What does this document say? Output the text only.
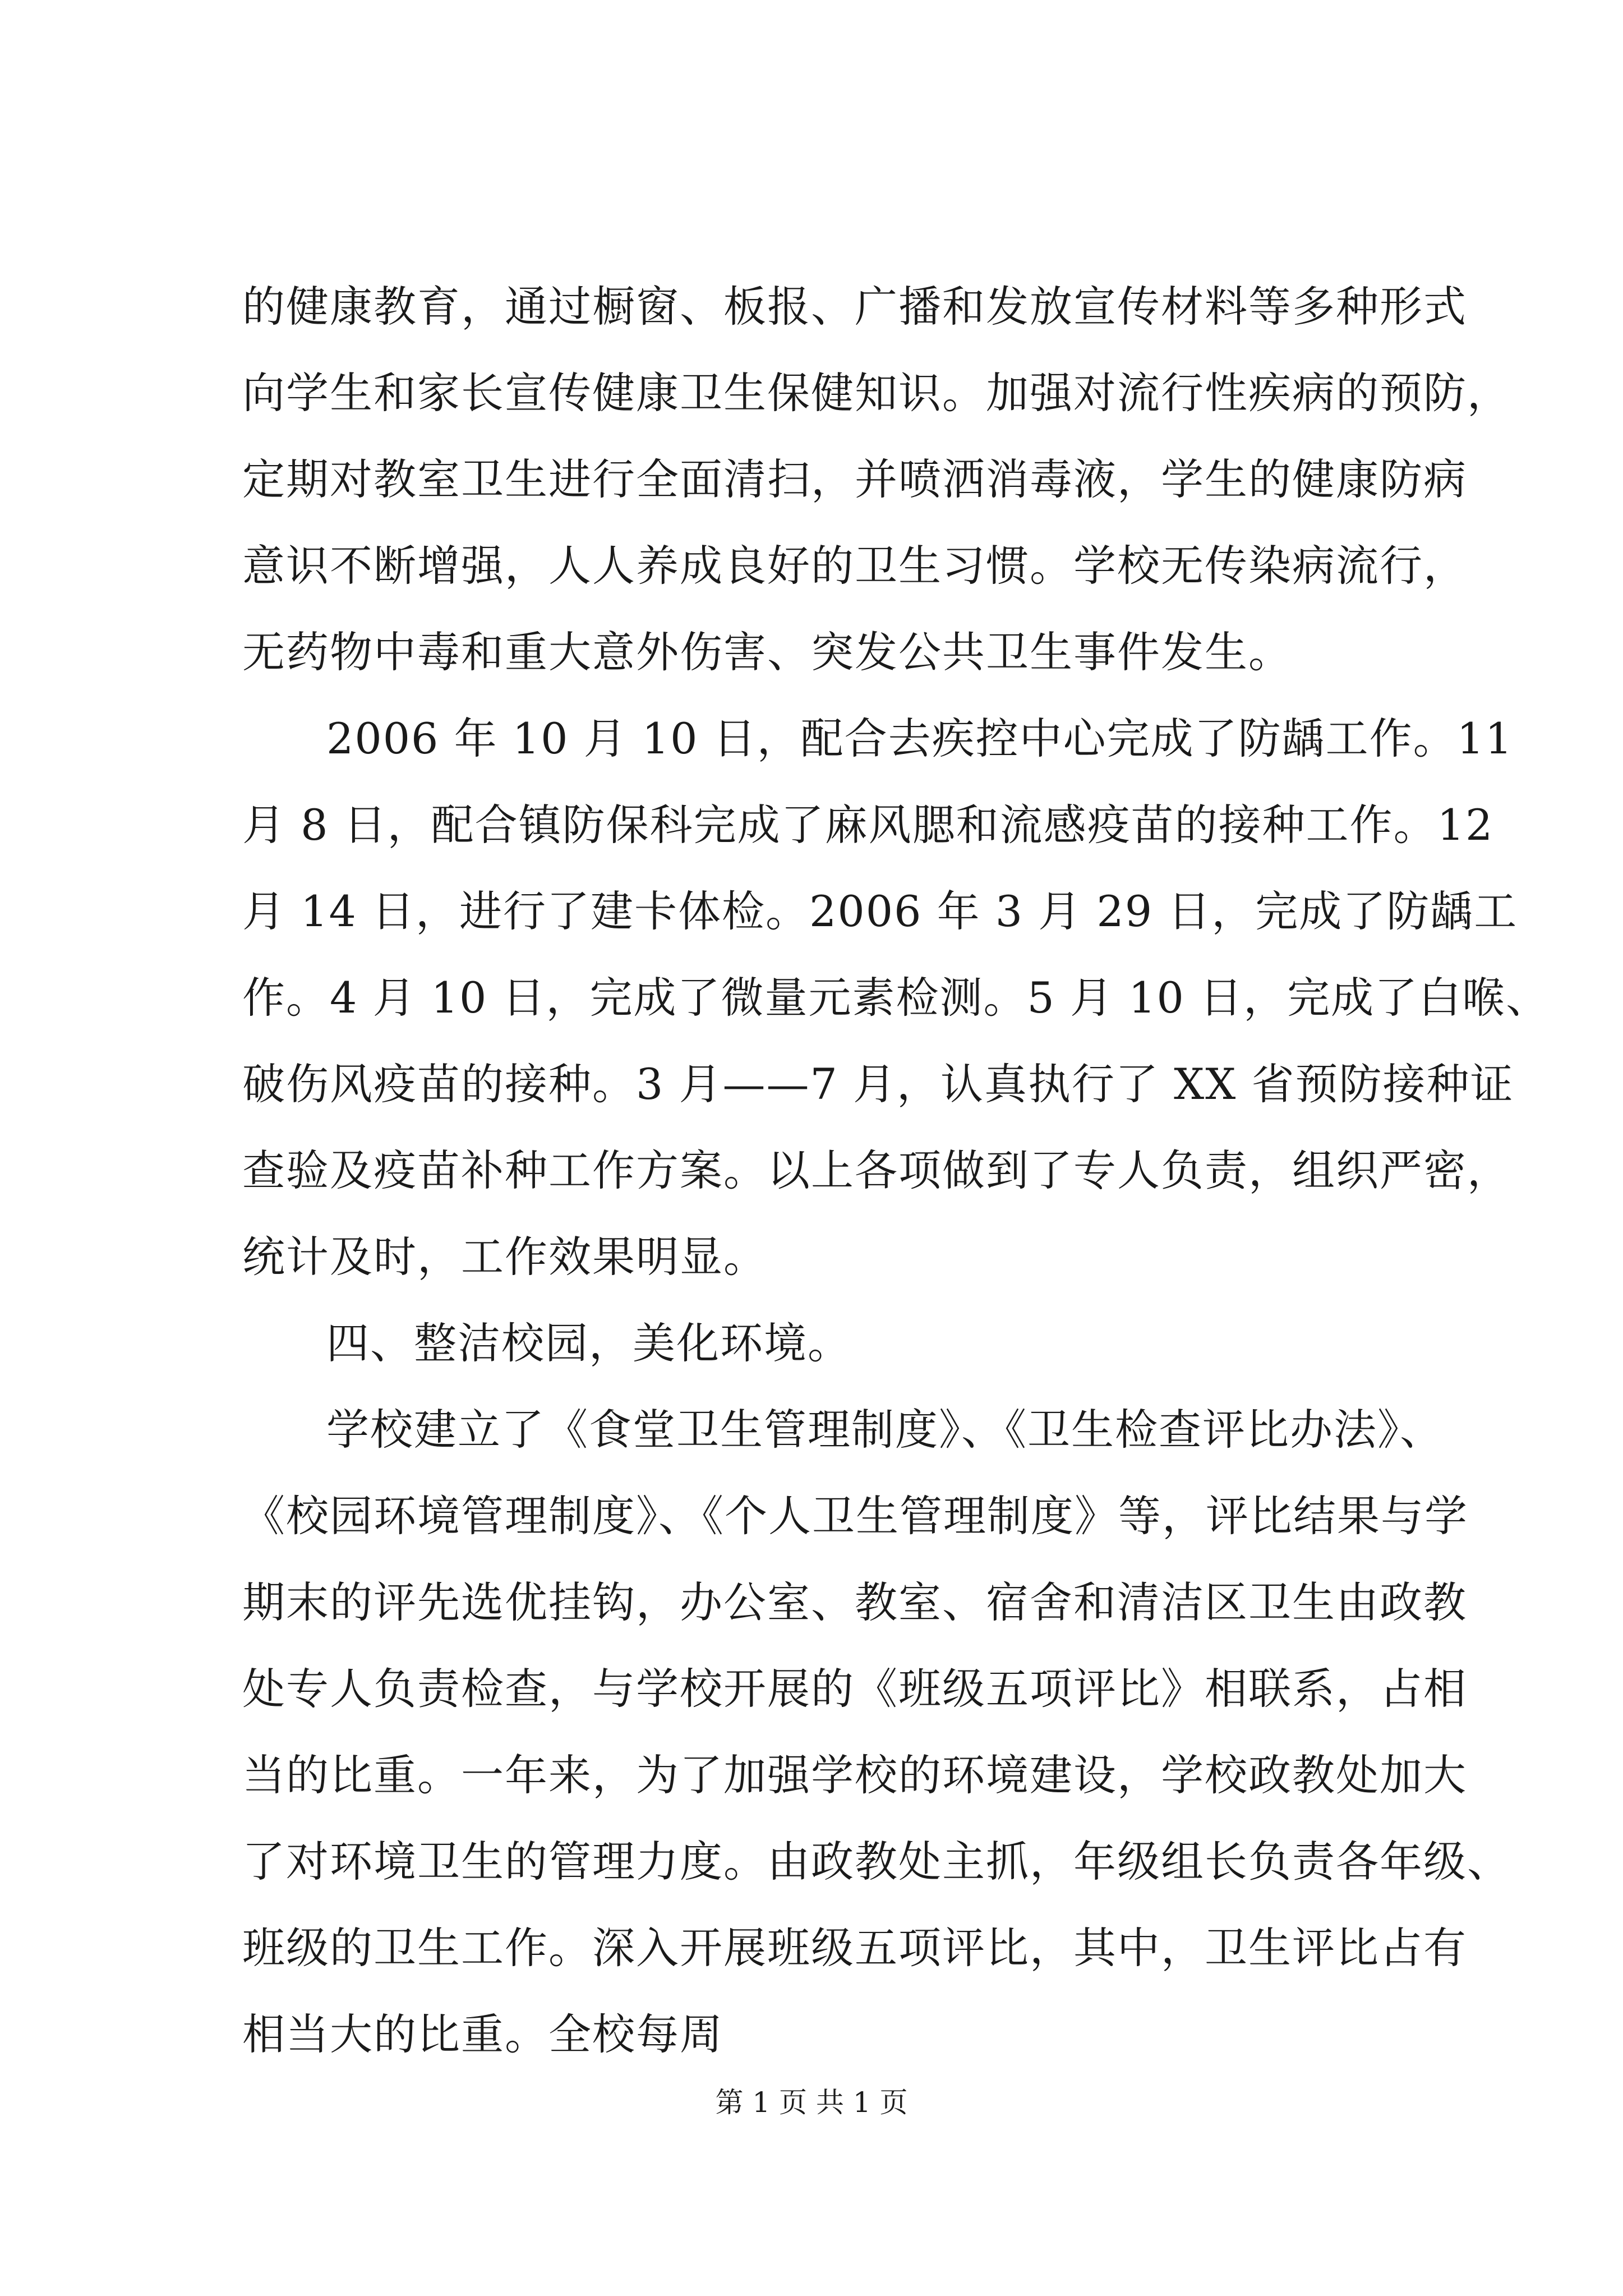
的健康教育，通过橱窗、板报、广播和发放宣传材料等多种形式
向学生和家长宣传健康卫生保健知识。加强对流行性疾病的预防，
定期对教室卫生进行全面清扫，并喷洒消毒液，学生的健康防病
意识不断增强，人人养成良好的卫生习惯。学校无传染病流行，
无药物中毒和重大意外伤害、突发公共卫生事件发生。
2006 年 10 月 10 日，配合去疾控中心完成了防龋工作。11
月 8 日，配合镇防保科完成了麻风腮和流感疫苗的接种工作。12
月 14 日，进行了建卡体检。2006 年 3 月 29 日，完成了防龋工
作。4 月 10 日，完成了微量元素检测。5 月 10 日，完成了白喉、
破伤风疫苗的接种。3 月——7 月，认真执行了 XX 省预防接种证
查验及疫苗补种工作方案。以上各项做到了专人负责，组织严密，
统计及时，工作效果明显。
四、整洁校园，美化环境。
学校建立了《食堂卫生管理制度》、《卫生检查评比办法》、
《校园环境管理制度》、《个人卫生管理制度》等，评比结果与学
期末的评先选优挂钩，办公室、教室、宿舍和清洁区卫生由政教
处专人负责检查，与学校开展的《班级五项评比》相联系，占相
当的比重。一年来，为了加强学校的环境建设，学校政教处加大
了对环境卫生的管理力度。由政教处主抓，年级组长负责各年级、
班级的卫生工作。深入开展班级五项评比，其中，卫生评比占有
相当大的比重。全校每周
第 1 页 共 1 页
